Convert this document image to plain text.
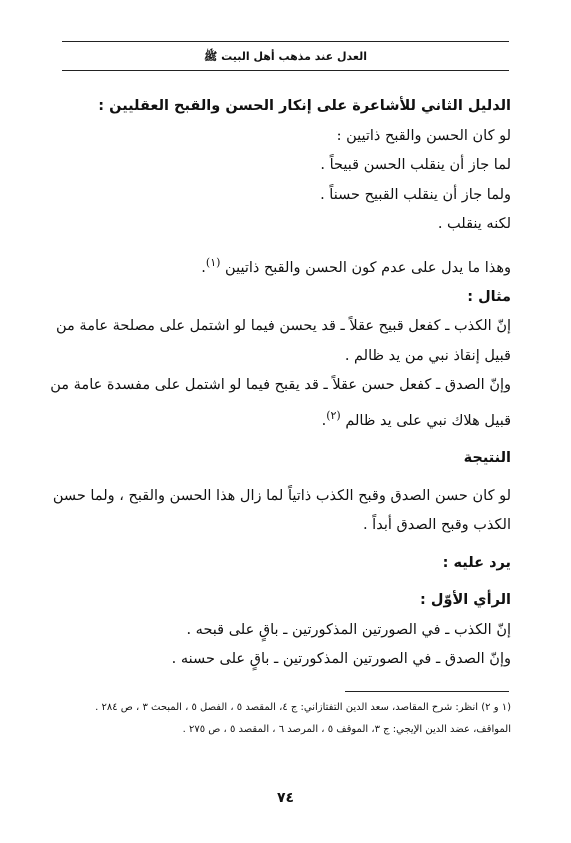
العدل عند مذهب أهل البيت ﷺ
الدليل الثاني للأشاعرة على إنكار الحسن والقبح العقليين :
لو كان الحسن والقبح ذاتيين :
لما جاز أن ينقلب الحسن قبيحاً .
ولما جاز أن ينقلب القبيح حسناً .
لكنه ينقلب .
وهذا ما يدل على عدم كون الحسن والقبح ذاتيين $^{(١)}$.
مثال :
إنّ الكذب ـ كفعل قبيح عقلاً ـ قد يحسن فيما لو اشتمل على مصلحة عامة من
قبيل إنقاذ نبي من يد ظالم .
وإنّ الصدق ـ كفعل حسن عقلاً ـ قد يقبح فيما لو اشتمل على مفسدة عامة من
قبيل هلاك نبي على يد ظالم $^{(٢)}$.
النتيجة
لو كان حسن الصدق وقبح الكذب ذاتياً لما زال هذا الحسن والقبح ، ولما حسن
الكذب وقبح الصدق أبداً .
يرد عليه :
الرأي الأوّل :
إنّ الكذب ـ في الصورتين المذكورتين ـ باقٍ على قبحه .
وإنّ الصدق ـ في الصورتين المذكورتين ـ باقٍ على حسنه .
(١ و ٢) انظر: شرح المقاصد، سعد الدين التفتازاني: ج ٤، المقصد ٥ ، الفصل ٥ ، المبحث ٣ ، ص ٢٨٤ .
المواقف، عضد الدين الإيجي: ج ٣، الموقف ٥ ، المرصد ٦ ، المقصد ٥ ، ص ٢٧٥ .
٧٤
